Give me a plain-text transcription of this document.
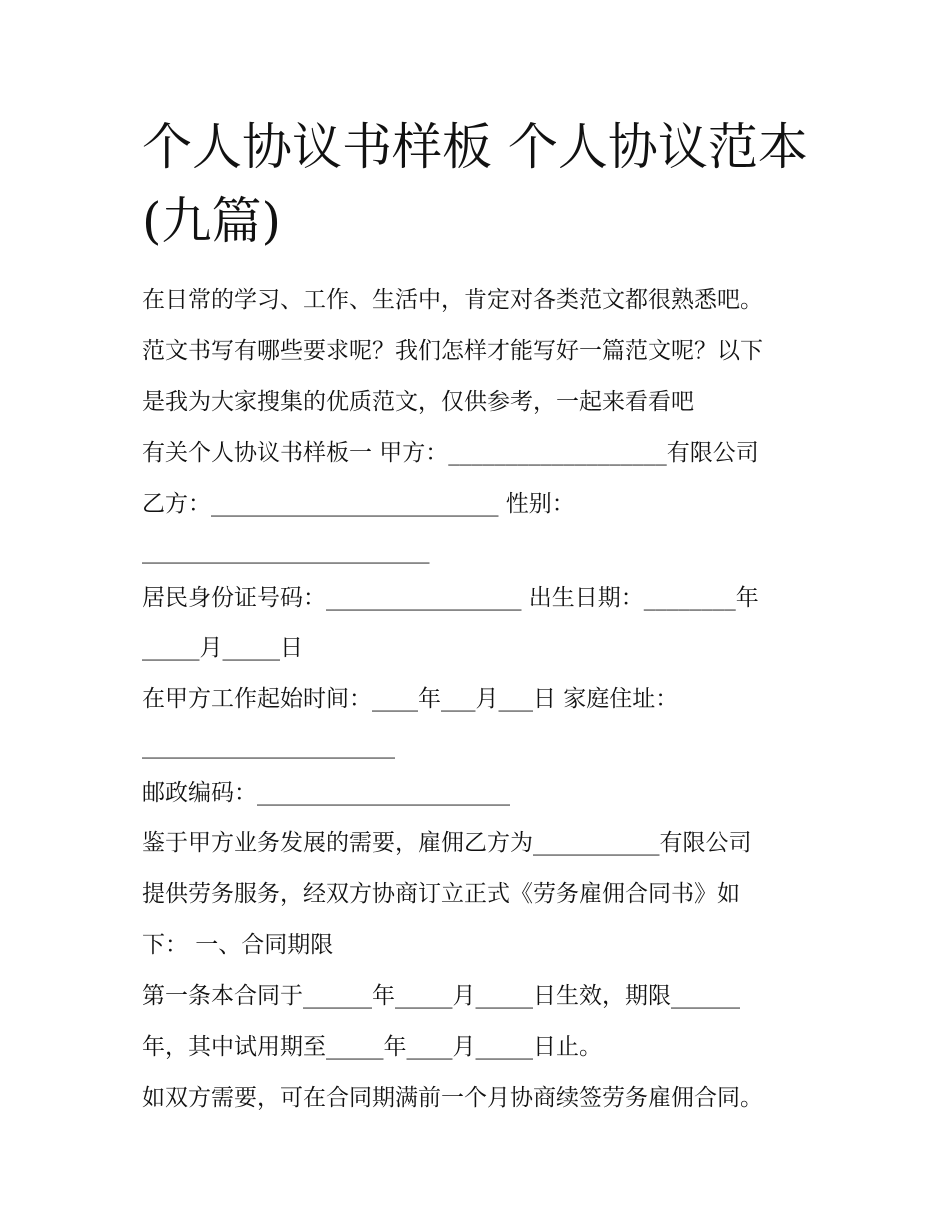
个人协议书样板 个人协议范本
(九篇)

在日常的学习、工作、生活中，肯定对各类范文都很熟悉吧。

范文书写有哪些要求呢？我们怎样才能写好一篇范文呢？以下

是我为大家搜集的优质范文，仅供参考，一起来看看吧

有关个人协议书样板一 甲方：___________________有限公司

乙方：_________________________ 性别：

_________________________

居民身份证号码：_________________ 出生日期：________年

_____月_____日

在甲方工作起始时间：____年___月___日 家庭住址：

______________________

邮政编码：______________________

鉴于甲方业务发展的需要，雇佣乙方为___________有限公司

提供劳务服务，经双方协商订立正式《劳务雇佣合同书》如

下： 一、合同期限

第一条本合同于______年_____月_____日生效，期限______

年，其中试用期至_____年____月_____日止。

如双方需要，可在合同期满前一个月协商续签劳务雇佣合同。
